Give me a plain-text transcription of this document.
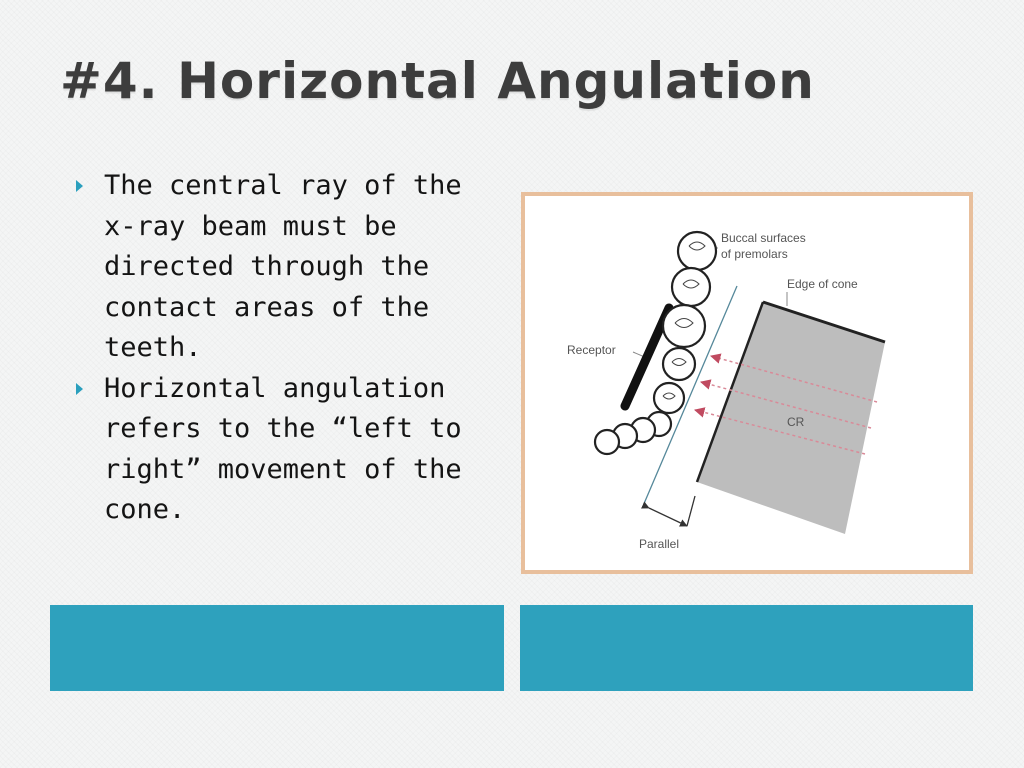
#4. Horizontal Angulation
The central ray of the x-ray beam must be directed through the contact areas of the teeth.
Horizontal angulation refers to the “left to right” movement of the cone.
Buccal surfaces
of premolars
Edge of cone
Receptor
CR
Parallel
